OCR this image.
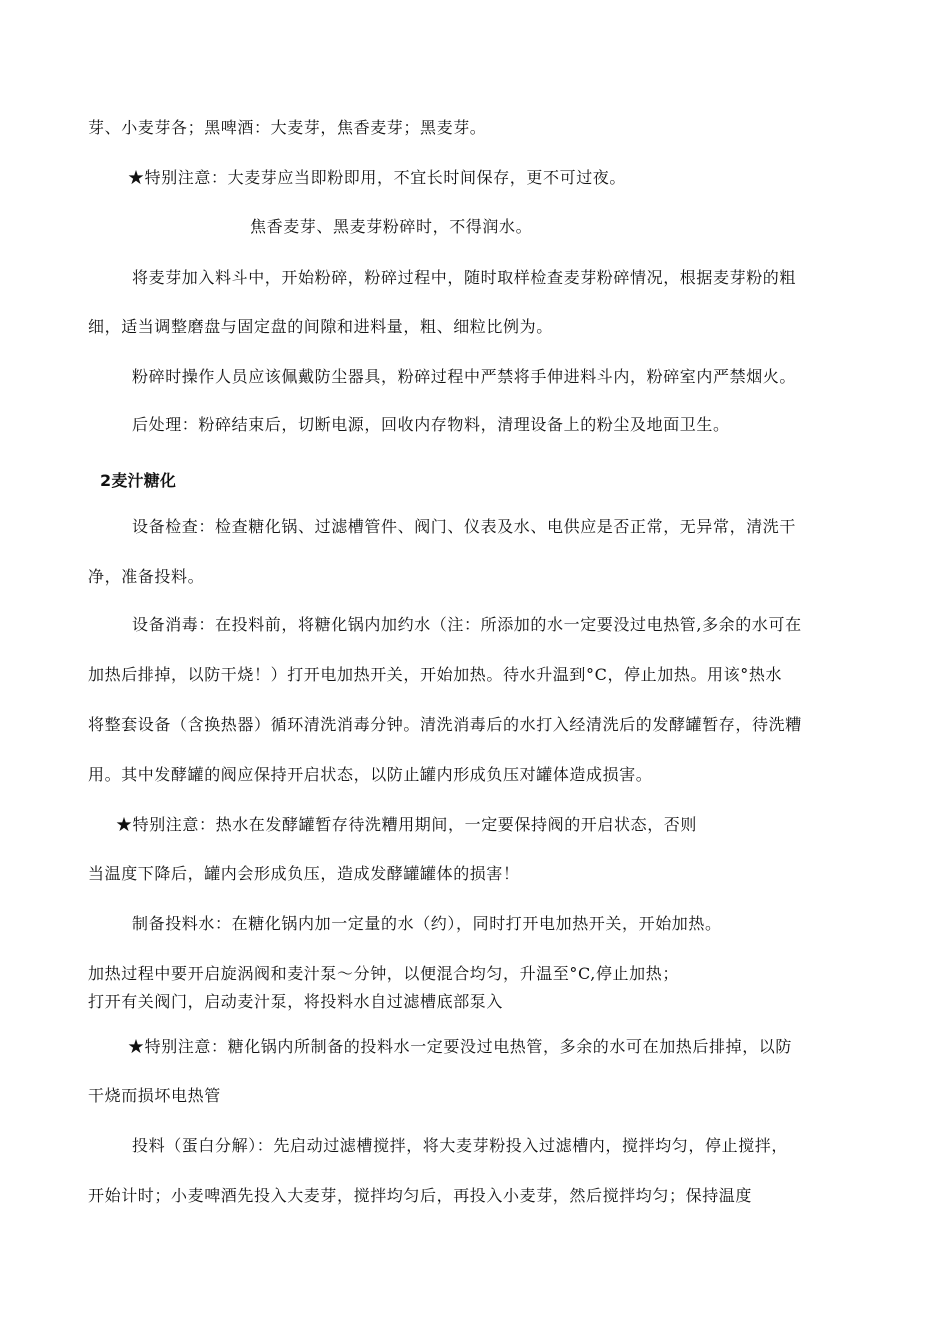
芽、小麦芽各；黑啤酒：大麦芽，焦香麦芽；黑麦芽。
★特别注意：大麦芽应当即粉即用，不宜长时间保存，更不可过夜。
焦香麦芽、黑麦芽粉碎时，不得润水。
将麦芽加入料斗中，开始粉碎，粉碎过程中，随时取样检查麦芽粉碎情况，根据麦芽粉的粗
细，适当调整磨盘与固定盘的间隙和进料量，粗、细粒比例为。
粉碎时操作人员应该佩戴防尘器具，粉碎过程中严禁将手伸进料斗内，粉碎室内严禁烟火。
后处理：粉碎结束后，切断电源，回收内存物料，清理设备上的粉尘及地面卫生。
2麦汁糖化
设备检查：检查糖化锅、过滤槽管件、阀门、仪表及水、电供应是否正常，无异常，清洗干
净，准备投料。
设备消毒：在投料前，将糖化锅内加约水（注：所添加的水一定要没过电热管,多余的水可在
加热后排掉，以防干烧！）打开电加热开关，开始加热。待水升温到°C，停止加热。用该°热水
将整套设备（含换热器）循环清洗消毒分钟。清洗消毒后的水打入经清洗后的发酵罐暂存，待洗糟
用。其中发酵罐的阀应保持开启状态，以防止罐内形成负压对罐体造成损害。
★特别注意：热水在发酵罐暂存待洗糟用期间，一定要保持阀的开启状态，否则
当温度下降后，罐内会形成负压，造成发酵罐罐体的损害！
制备投料水：在糖化锅内加一定量的水（约），同时打开电加热开关，开始加热。
加热过程中要开启旋涡阀和麦汁泵〜分钟，以便混合均匀，升温至°C,停止加热；
打开有关阀门，启动麦汁泵，将投料水自过滤槽底部泵入
★特别注意：糖化锅内所制备的投料水一定要没过电热管，多余的水可在加热后排掉，以防
干烧而损坏电热管
投料（蛋白分解）：先启动过滤槽搅拌，将大麦芽粉投入过滤槽内，搅拌均匀，停止搅拌，
开始计时；小麦啤酒先投入大麦芽，搅拌均匀后，再投入小麦芽，然后搅拌均匀；保持温度
